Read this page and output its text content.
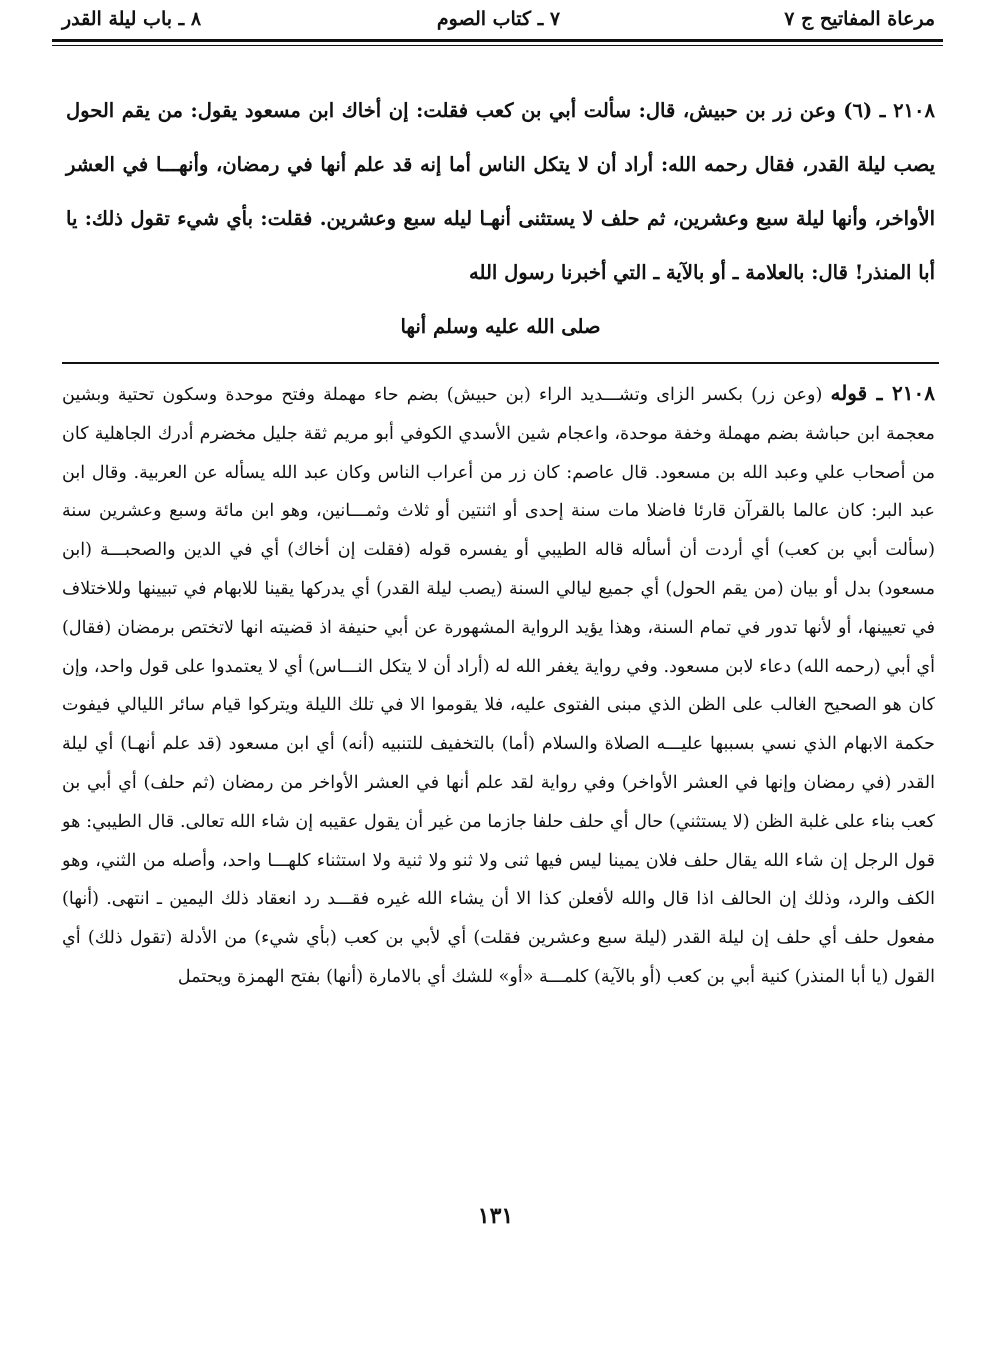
مرعاة المفاتيح ج ٧
٧ ـ كتاب الصوم
٨ ـ باب ليلة القدر
٢١٠٨ ـ (٦) وعن زر بن حبيش، قال: سألت أبي بن كعب فقلت: إن أخاك ابن مسعود يقول: من يقم الحول يصب ليلة القدر، فقال رحمه الله: أراد أن لا يتكل الناس أما إنه قد علم أنها في رمضان، وأنهـــا في العشر الأواخر، وأنها ليلة سبع وعشرين، ثم حلف لا يستثنى أنهـا ليله سبع وعشرين. فقلت: بأي شيء تقول ذلك: يا أبا المنذر! قال: بالعلامة ـ أو بالآية ـ التي أخبرنا رسول الله
صلى الله عليه وسلم أنها
٢١٠٨ ـ قوله (وعن زر) بكسر الزاى وتشـــديد الراء (بن حبيش) بضم حاء مهملة وفتح موحدة وسكون تحتية وبشين معجمة ابن حباشة بضم مهملة وخفة موحدة، واعجام شين الأسدي الكوفي أبو مريم ثقة جليل مخضرم أدرك الجاهلية كان من أصحاب علي وعبد الله بن مسعود. قال عاصم: كان زر من أعراب الناس وكان عبد الله يسأله عن العربية. وقال ابن عبد البر: كان عالما بالقرآن قارئا فاضلا مات سنة إحدى أو اثنتين أو ثلاث وثمـــانين، وهو ابن مائة وسبع وعشرين سنة (سألت أبي بن كعب) أي أردت أن أسأله قاله الطيبي أو يفسره قوله (فقلت إن أخاك) أي في الدين والصحبـــة (ابن مسعود) بدل أو بيان (من يقم الحول) أي جميع ليالي السنة (يصب ليلة القدر) أي يدركها يقينا للابهام في تبيينها وللاختلاف في تعيينها، أو لأنها تدور في تمام السنة، وهذا يؤيد الرواية المشهورة عن أبي حنيفة اذ قضيته انها لاتختص برمضان (فقال) أي أبي (رحمه الله) دعاء لابن مسعود. وفي رواية يغفر الله له (أراد أن لا يتكل النـــاس) أي لا يعتمدوا على قول واحد، وإن كان هو الصحيح الغالب على الظن الذي مبنى الفتوى عليه، فلا يقوموا الا في تلك الليلة ويتركوا قيام سائر الليالي فيفوت حكمة الابهام الذي نسي بسببها عليـــه الصلاة والسلام (أما) بالتخفيف للتنبيه (أنه) أي ابن مسعود (قد علم أنهـا) أي ليلة القدر (في رمضان وإنها في العشر الأواخر) وفي رواية لقد علم أنها في العشر الأواخر من رمضان (ثم حلف) أي أبي بن كعب بناء على غلبة الظن (لا يستثني) حال أي حلف حلفا جازما من غير أن يقول عقيبه إن شاء الله تعالى. قال الطيبي: هو قول الرجل إن شاء الله يقال حلف فلان يمينا ليس فيها ثنى ولا ثنو ولا ثنية ولا استثناء كلهـــا واحد، وأصله من الثني، وهو الكف والرد، وذلك إن الحالف اذا قال والله لأفعلن كذا الا أن يشاء الله غيره فقـــد رد انعقاد ذلك اليمين ـ انتهى. (أنها) مفعول حلف أي حلف إن ليلة القدر (ليلة سبع وعشرين فقلت) أي لأبي بن كعب (بأي شيء) من الأدلة (تقول ذلك) أي القول (يا أبا المنذر) كنية أبي بن كعب (أو بالآية) كلمـــة «أو» للشك أي بالامارة (أنها) بفتح الهمزة ويحتمل
١٣١
